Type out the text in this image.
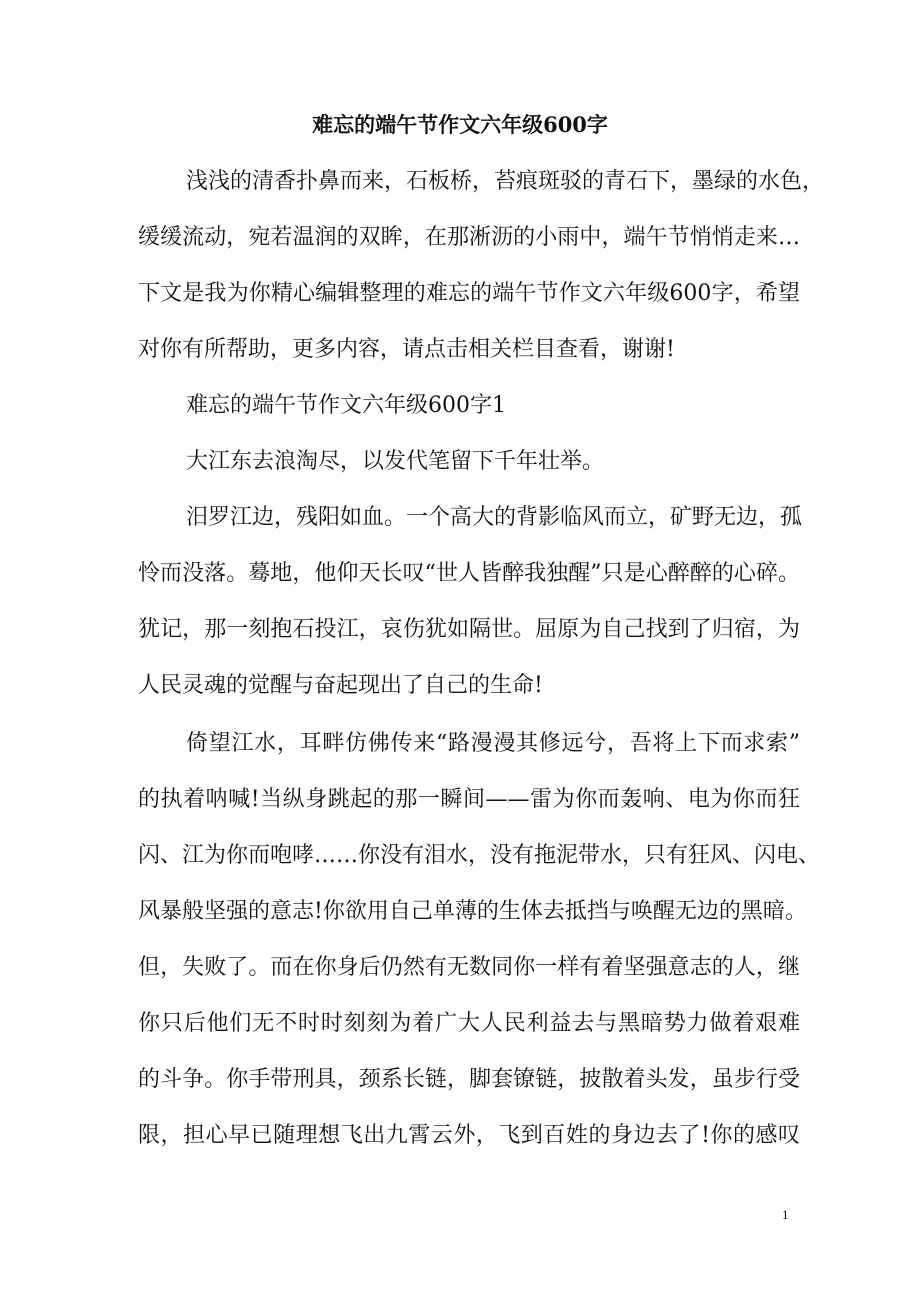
难忘的端午节作文六年级600字
浅浅的清香扑鼻而来，石板桥，苔痕斑驳的青石下，墨绿的水色，
缓缓流动，宛若温润的双眸，在那淅沥的小雨中，端午节悄悄走来…
下文是我为你精心编辑整理的难忘的端午节作文六年级600字，希望
对你有所帮助，更多内容，请点击相关栏目查看，谢谢!
难忘的端午节作文六年级600字1
大江东去浪淘尽，以发代笔留下千年壮举。
汨罗江边，残阳如血。一个高大的背影临风而立，矿野无边，孤
怜而没落。蓦地，他仰天长叹“世人皆醉我独醒”只是心醉醉的心碎。
犹记，那一刻抱石投江，哀伤犹如隔世。屈原为自己找到了归宿，为
人民灵魂的觉醒与奋起现出了自己的生命!
倚望江水，耳畔仿佛传来“路漫漫其修远兮，吾将上下而求索”
的执着呐喊!当纵身跳起的那一瞬间——雷为你而轰响、电为你而狂
闪、江为你而咆哮……你没有泪水，没有拖泥带水，只有狂风、闪电、
风暴般坚强的意志!你欲用自己单薄的生体去抵挡与唤醒无边的黑暗。
但，失败了。而在你身后仍然有无数同你一样有着坚强意志的人，继
你只后他们无不时时刻刻为着广大人民利益去与黑暗势力做着艰难
的斗争。你手带刑具，颈系长链，脚套镣链，披散着头发，虽步行受
限，担心早已随理想飞出九霄云外，飞到百姓的身边去了!你的感叹
1
